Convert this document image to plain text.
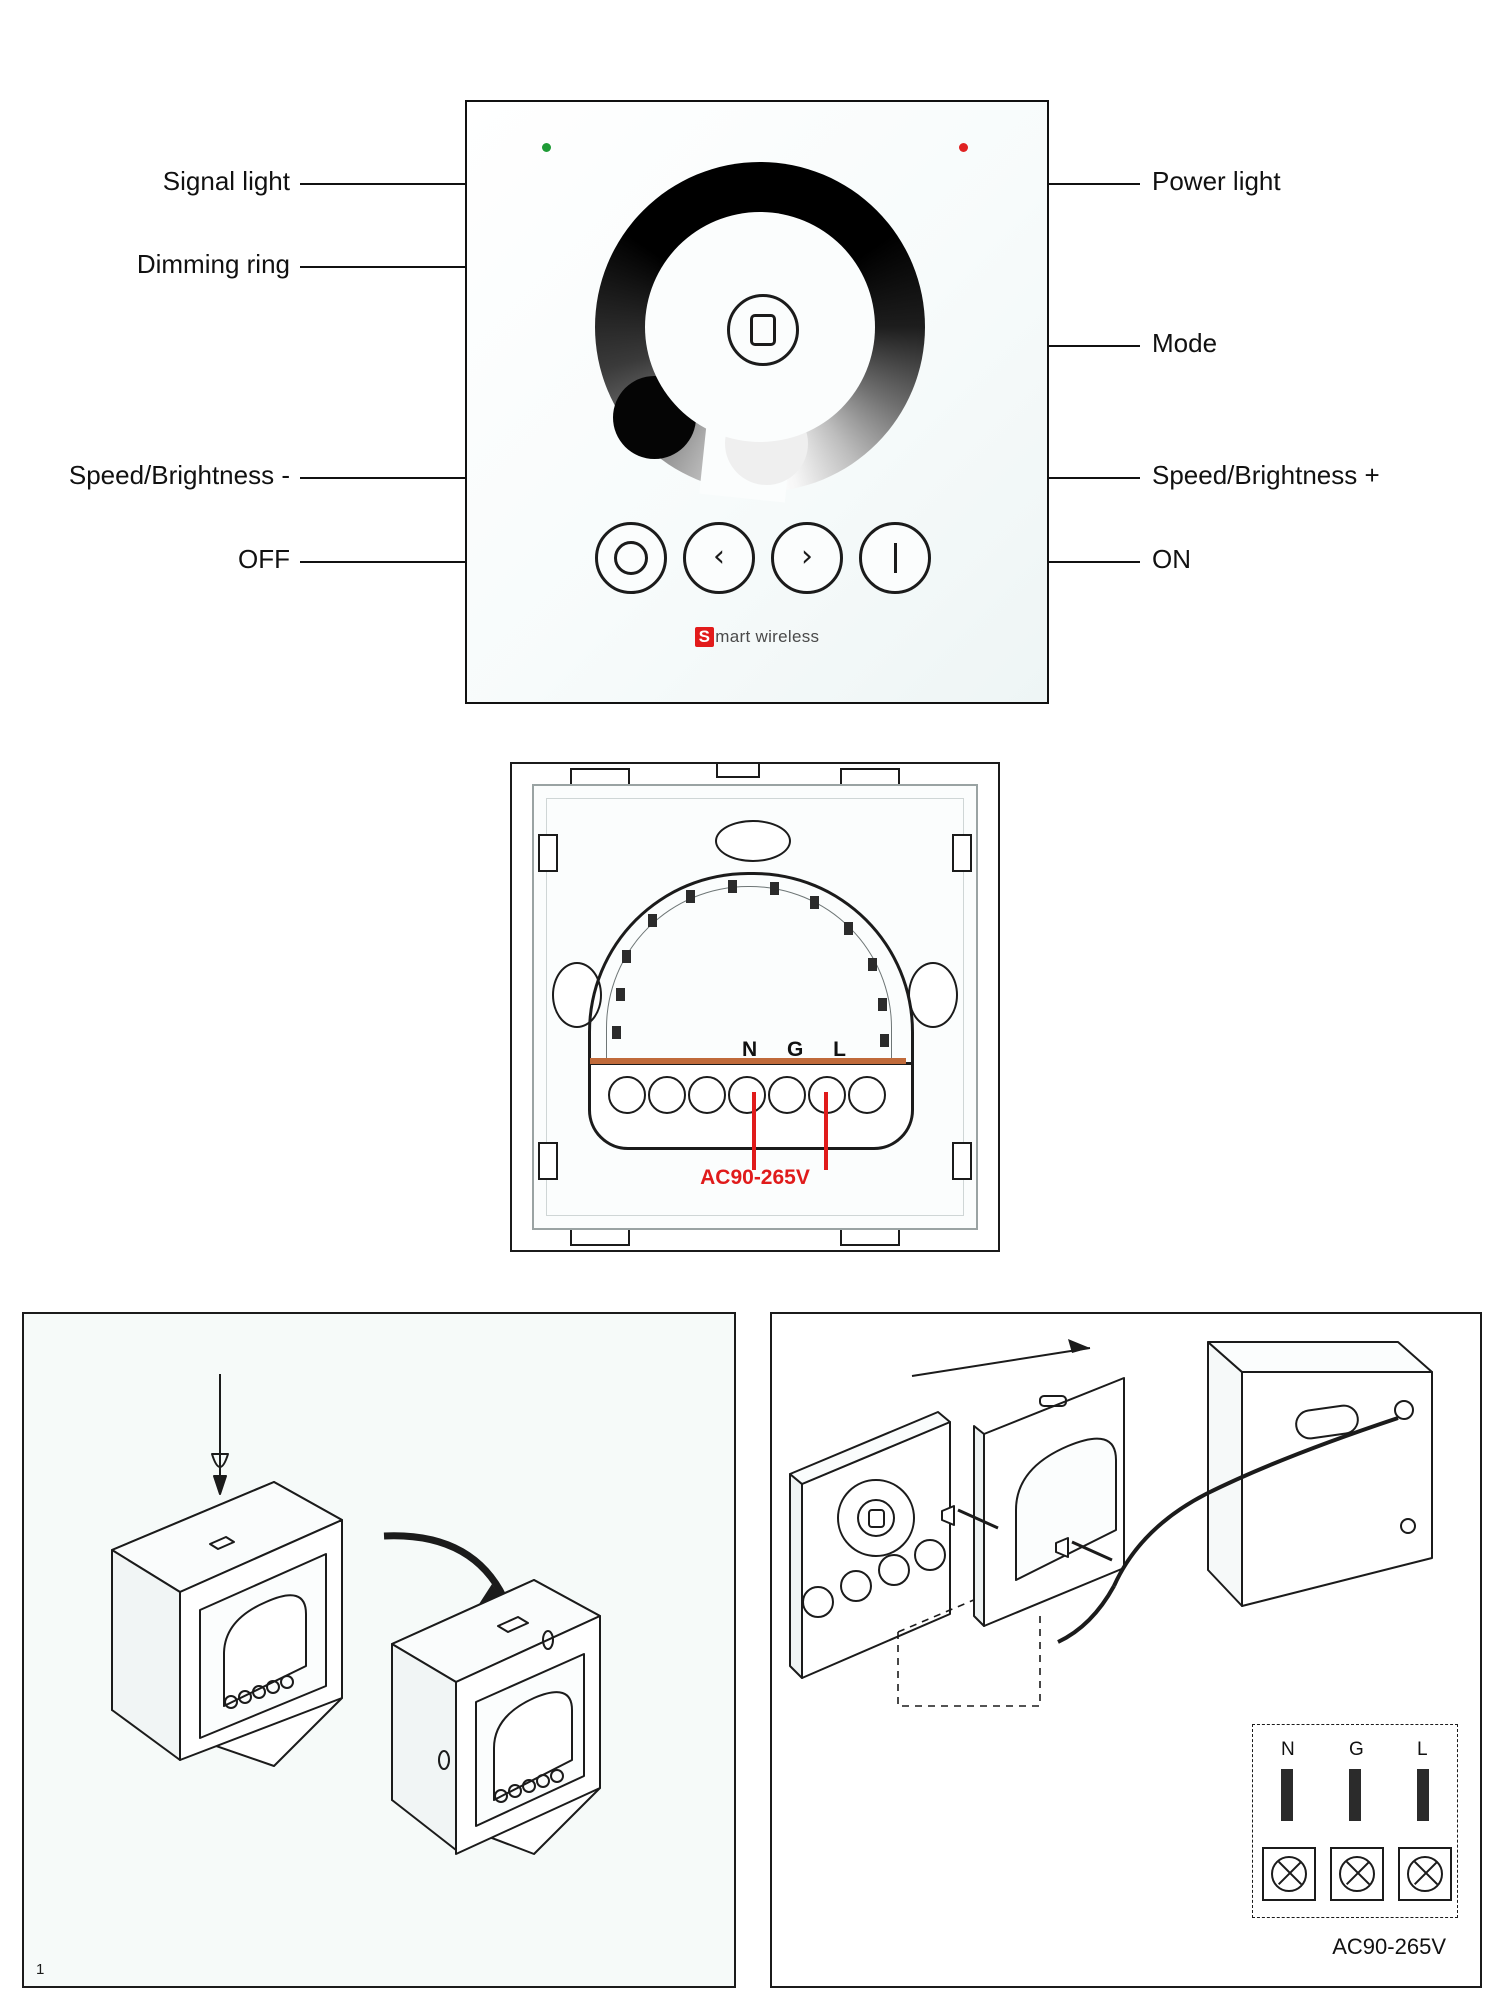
Signal light
Dimming ring
Speed/Brightness -
OFF
Power light
Mode
Speed/Brightness +
ON
‹	›
S mart wireless
N G L
AC90-265V
1
N	G	L
AC90-265V
